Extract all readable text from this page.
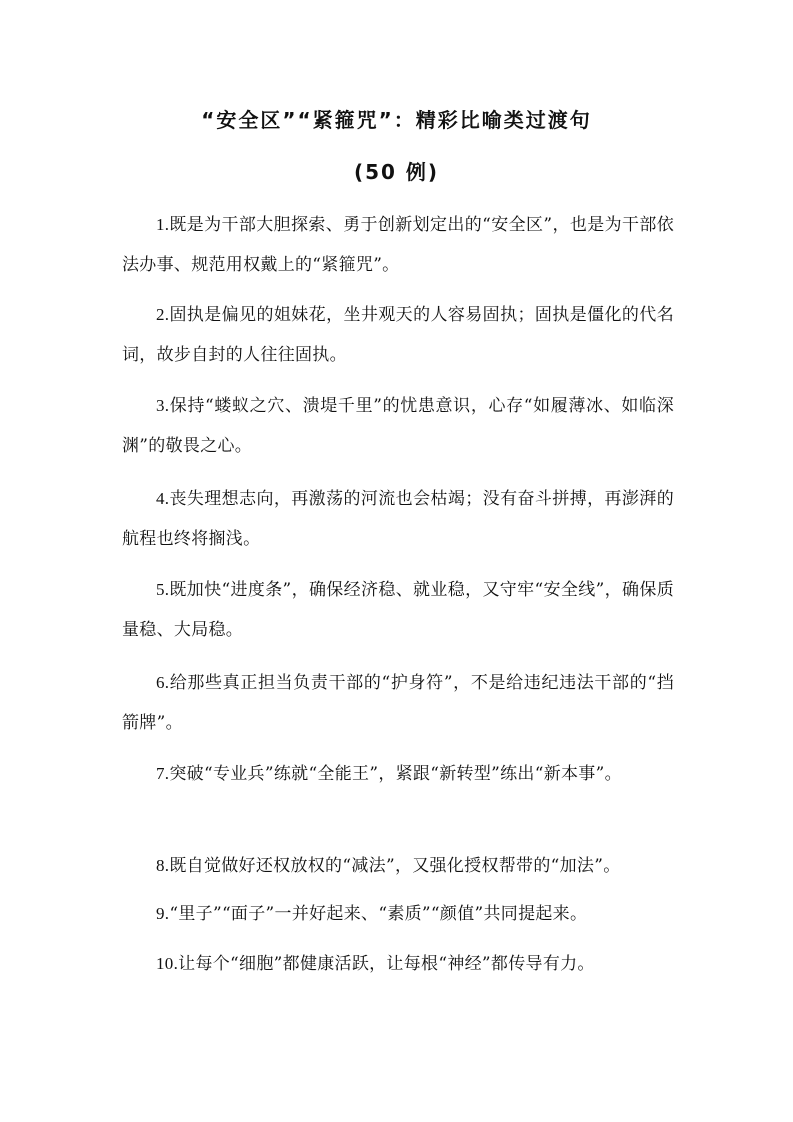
“安全区”“紧箍咒”：精彩比喻类过渡句
(50 例)

1.既是为干部大胆探索、勇于创新划定出的“安全区”，也是为干部依法办事、规范用权戴上的“紧箍咒”。

2.固执是偏见的姐妹花，坐井观天的人容易固执；固执是僵化的代名词，故步自封的人往往固执。

3.保持“蝼蚁之穴、溃堤千里”的忧患意识，心存“如履薄冰、如临深渊”的敬畏之心。

4.丧失理想志向，再激荡的河流也会枯竭；没有奋斗拼搏，再澎湃的航程也终将搁浅。

5.既加快“进度条”，确保经济稳、就业稳，又守牢“安全线”，确保质量稳、大局稳。

6.给那些真正担当负责干部的“护身符”，不是给违纪违法干部的“挡箭牌”。

7.突破“专业兵”练就“全能王”，紧跟“新转型”练出“新本事”。

8.既自觉做好还权放权的“减法”，又强化授权帮带的“加法”。

9.“里子”“面子”一并好起来、“素质”“颜值”共同提起来。

10.让每个“细胞”都健康活跃，让每根“神经”都传导有力。
